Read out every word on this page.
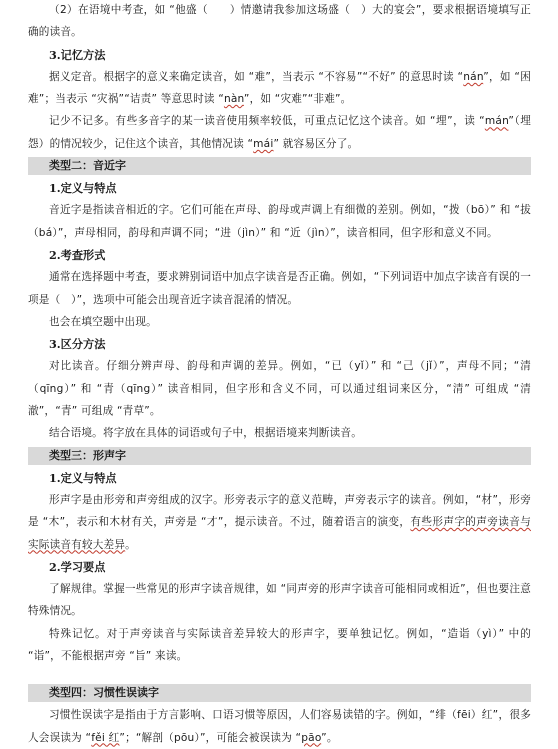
（2）在语境中考查，如 “他盛（　　）情邀请我参加这场盛（　）大的宴会”，要求根据语境填写正确的读音。

3.记忆方法

据义定音。根据字的意义来确定读音，如 “难”，当表示 “不容易”“不好” 的意思时读 “nán”，如 “困难”；当表示 “灾祸”“诘责” 等意思时读 “nàn”，如 “灾难”“非难”。

记少不记多。有些多音字的某一读音使用频率较低，可重点记忆这个读音。如 “埋”，读 “mán”（埋怨）的情况较少，记住这个读音，其他情况读 “mái” 就容易区分了。

类型二：音近字

1.定义与特点

音近字是指读音相近的字。它们可能在声母、韵母或声调上有细微的差别。例如，“拨（bō）” 和 “拔（bá）”，声母相同，韵母和声调不同；“进（jìn）” 和 “近（jìn）”，读音相同，但字形和意义不同。

2.考查形式

通常在选择题中考查，要求辨别词语中加点字读音是否正确。例如，“下列词语中加点字读音有误的一项是（　）”，选项中可能会出现音近字读音混淆的情况。

也会在填空题中出现。

3.区分方法

对比读音。仔细分辨声母、韵母和声调的差异。例如，“已（yǐ）” 和 “己（jǐ）”，声母不同；“清（qīng）” 和 “青（qīng）” 读音相同，但字形和含义不同，可以通过组词来区分，“清” 可组成 “清澈”，“青” 可组成 “青草”。

结合语境。将字放在具体的词语或句子中，根据语境来判断读音。

类型三：形声字

1.定义与特点

形声字是由形旁和声旁组成的汉字。形旁表示字的意义范畴，声旁表示字的读音。例如，“材”，形旁是 “木”，表示和木材有关，声旁是 “才”，提示读音。不过，随着语言的演变，有些形声字的声旁读音与实际读音有较大差异。

2.学习要点

了解规律。掌握一些常见的形声字读音规律，如 “同声旁的形声字读音可能相同或相近”，但也要注意特殊情况。

特殊记忆。对于声旁读音与实际读音差异较大的形声字，要单独记忆。例如，“造诣（yì）” 中的 “诣”，不能根据声旁 “旨” 来读。

类型四：习惯性误读字

习惯性误读字是指由于方言影响、口语习惯等原因，人们容易读错的字。例如，“绯（fēi）红”，很多人会误读为 “fěi 红”；“解剖（pōu）”，可能会被误读为 “pāo”。
